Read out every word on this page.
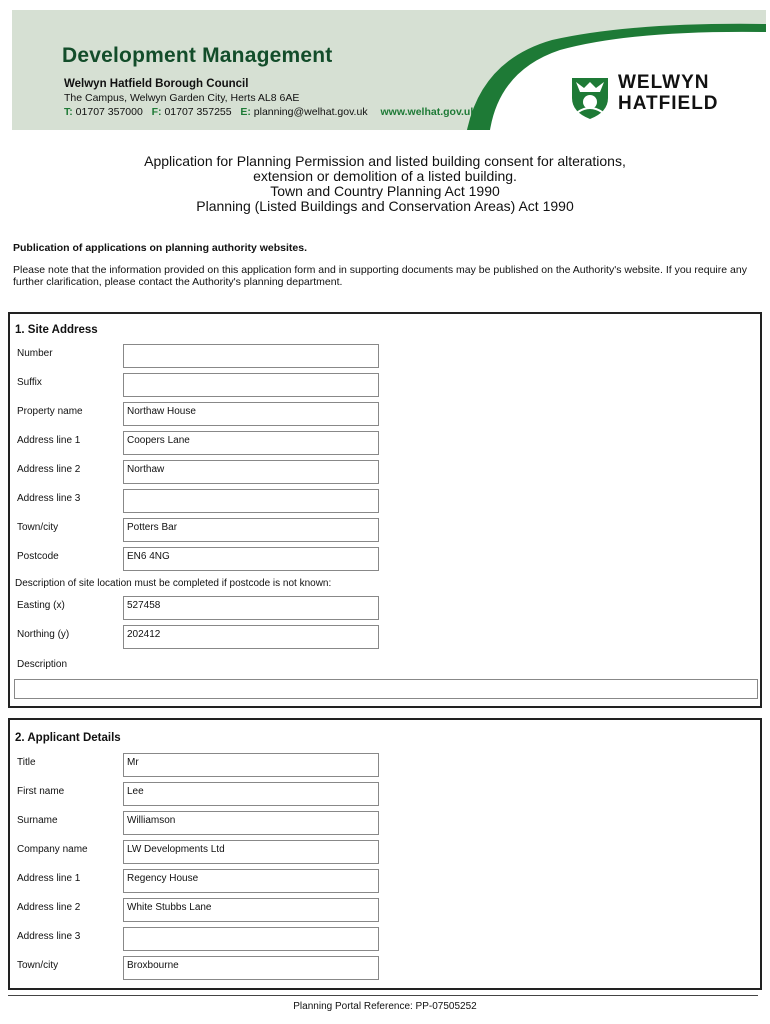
Development Management
Welwyn Hatfield Borough Council
The Campus, Welwyn Garden City, Herts AL8 6AE
T: 01707 357000 F: 01707 357255 E: planning@welhat.gov.uk www.welhat.gov.uk
WELWYN
HATFIELD
Application for Planning Permission and listed building consent for alterations,
extension or demolition of a listed building.
Town and Country Planning Act 1990
Planning (Listed Buildings and Conservation Areas) Act 1990
Publication of applications on planning authority websites.
Please note that the information provided on this application form and in supporting documents may be published on the Authority's website. If you require any further clarification, please contact the Authority's planning department.
1. Site Address
Number
Suffix
Property name	Northaw House
Address line 1	Coopers Lane
Address line 2	Northaw
Address line 3
Town/city	Potters Bar
Postcode	EN6 4NG
Description of site location must be completed if postcode is not known:
Easting (x)	527458
Northing (y)	202412
Description
2. Applicant Details
Title	Mr
First name	Lee
Surname	Williamson
Company name	LW Developments Ltd
Address line 1	Regency House
Address line 2	White Stubbs Lane
Address line 3
Town/city	Broxbourne
Planning Portal Reference: PP-07505252
